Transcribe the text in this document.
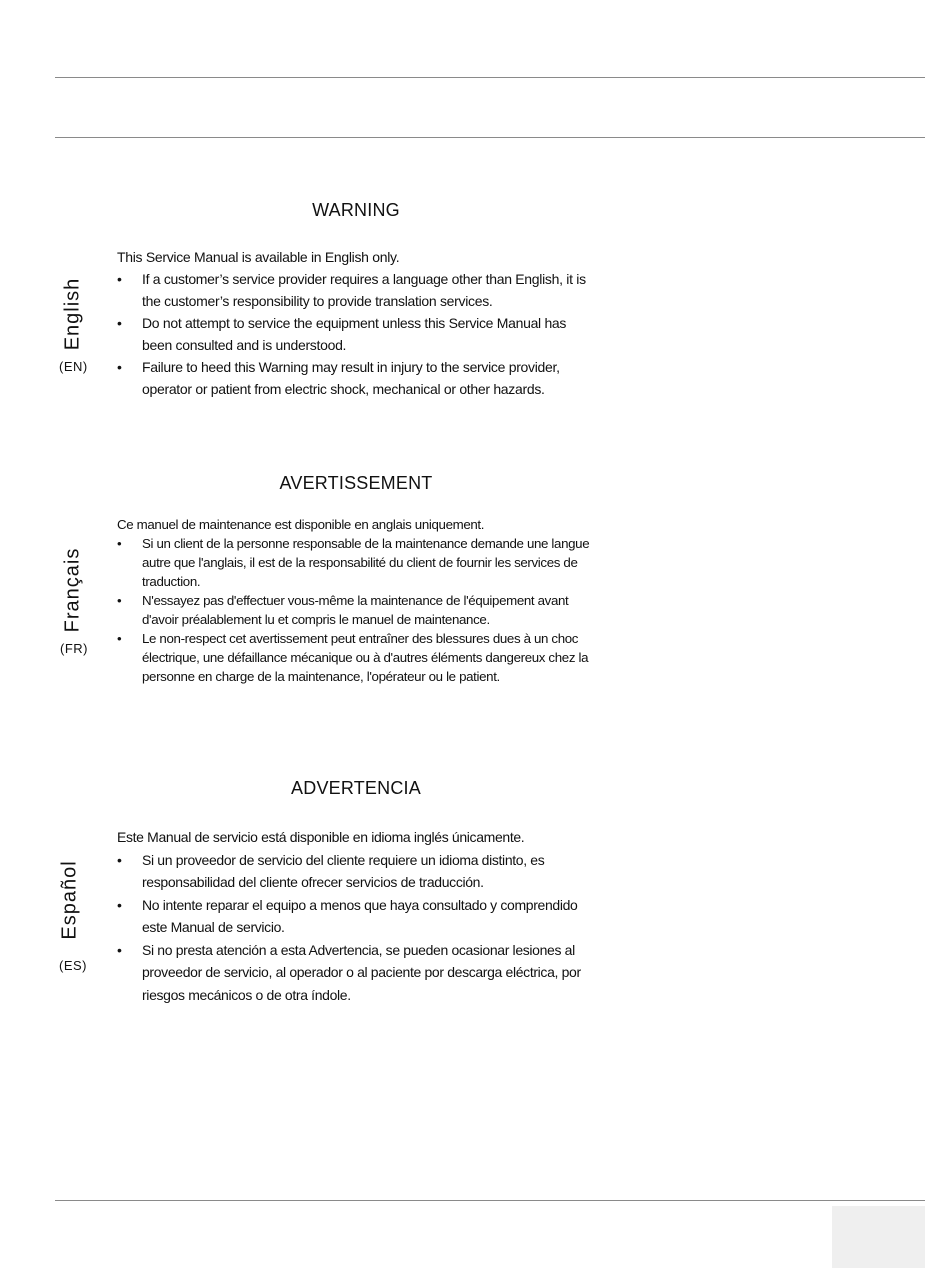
WARNING
English
(EN)

This Service Manual is available in English only.

• If a customer’s service provider requires a language other than English, it is the customer’s responsibility to provide translation services.
• Do not attempt to service the equipment unless this Service Manual has been consulted and is understood.
• Failure to heed this Warning may result in injury to the service provider, operator or patient from electric shock, mechanical or other hazards.
AVERTISSEMENT
Français
(FR)

Ce manuel de maintenance est disponible en anglais uniquement.

• Si un client de la personne responsable de la maintenance demande une langue autre que l'anglais, il est de la responsabilité du client de fournir les services de traduction.
• N'essayez pas d'effectuer vous-même la maintenance de l'équipement avant d'avoir préalablement lu et compris le manuel de maintenance.
• Le non-respect cet avertissement peut entraîner des blessures dues à un choc électrique, une défaillance mécanique ou à d'autres éléments dangereux chez la personne en charge de la maintenance, l'opérateur ou le patient.
ADVERTENCIA
Español
(ES)

Este Manual de servicio está disponible en idioma inglés únicamente.

• Si un proveedor de servicio del cliente requiere un idioma distinto, es responsabilidad del cliente ofrecer servicios de traducción.
• No intente reparar el equipo a menos que haya consultado y comprendido este Manual de servicio.
• Si no presta atención a esta Advertencia, se pueden ocasionar lesiones al proveedor de servicio, al operador o al paciente por descarga eléctrica, por riesgos mecánicos o de otra índole.
